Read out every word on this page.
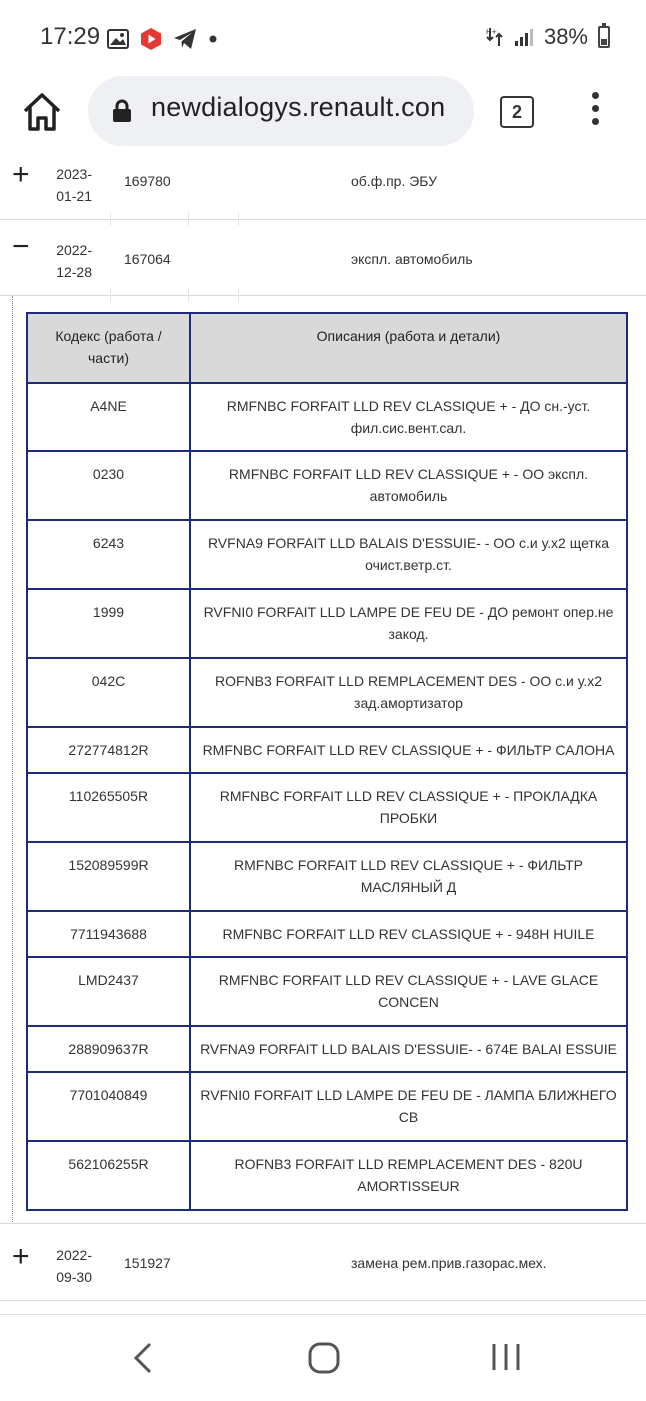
17:29	H+ 38%
newdialogys.renault.con	2
+	2023-
01-21
169780	об.ф.пр. ЭБУ
−	2022-
12-28
167064	экспл. автомобиль
Кодекс (работа / части)	Описания (работа и детали)
A4NE	RMFNBC FORFAIT LLD REV CLASSIQUE + - ДО сн.-уст. фил.сис.вент.сал.
0230	RMFNBC FORFAIT LLD REV CLASSIQUE + - ОО экспл. автомобиль
6243	RVFNA9 FORFAIT LLD BALAIS D'ESSUIE- - ОО с.и у.х2 щетка очист.ветр.ст.
1999	RVFNI0 FORFAIT LLD LAMPE DE FEU DE - ДО ремонт опер.не закод.
042C	ROFNB3 FORFAIT LLD REMPLACEMENT DES - ОО с.и у.х2 зад.амортизатор
272774812R	RMFNBC FORFAIT LLD REV CLASSIQUE + - ФИЛЬТР САЛОНА
110265505R	RMFNBC FORFAIT LLD REV CLASSIQUE + - ПРОКЛАДКА ПРОБКИ
152089599R	RMFNBC FORFAIT LLD REV CLASSIQUE + - ФИЛЬТР МАСЛЯНЫЙ Д
7711943688	RMFNBC FORFAIT LLD REV CLASSIQUE + - 948H HUILE
LMD2437	RMFNBC FORFAIT LLD REV CLASSIQUE + - LAVE GLACE CONCEN
288909637R	RVFNA9 FORFAIT LLD BALAIS D'ESSUIE- - 674E BALAI ESSUIE
7701040849	RVFNI0 FORFAIT LLD LAMPE DE FEU DE - ЛАМПА БЛИЖНЕГО СВ
562106255R	ROFNB3 FORFAIT LLD REMPLACEMENT DES - 820U AMORTISSEUR
+	2022-
09-30
151927	замена рем.прив.газорас.мех.
